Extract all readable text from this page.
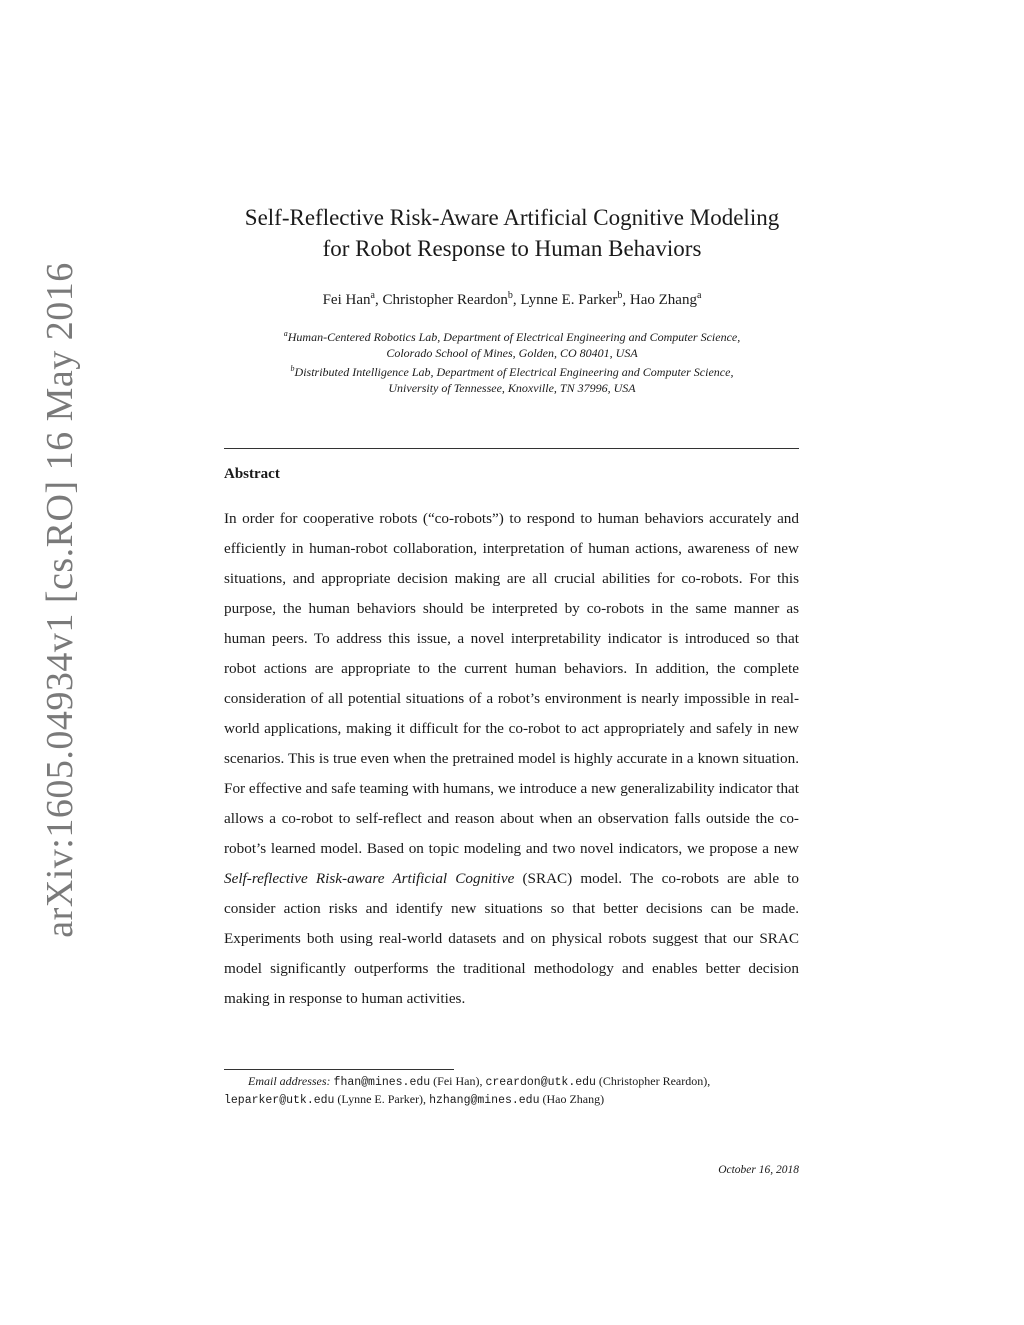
arXiv:1605.04934v1 [cs.RO] 16 May 2016
Self-Reflective Risk-Aware Artificial Cognitive Modeling
for Robot Response to Human Behaviors
Fei Han$^a$, Christopher Reardon$^b$, Lynne E. Parker$^b$, Hao Zhang$^a$
$^a$Human-Centered Robotics Lab, Department of Electrical Engineering and Computer Science,
Colorado School of Mines, Golden, CO 80401, USA
$^b$Distributed Intelligence Lab, Department of Electrical Engineering and Computer Science,
University of Tennessee, Knoxville, TN 37996, USA
Abstract
In order for cooperative robots (“co-robots”) to respond to human behaviors accurately and efficiently in human-robot collaboration, interpretation of human actions, awareness of new situations, and appropriate decision making are all crucial abilities for co-robots. For this purpose, the human behaviors should be interpreted by co-robots in the same manner as human peers. To address this issue, a novel interpretability indicator is introduced so that robot actions are appropriate to the current human behaviors. In addition, the complete consideration of all potential situations of a robot’s environment is nearly impossible in real-world applications, making it difficult for the co-robot to act appropriately and safely in new scenarios. This is true even when the pretrained model is highly accurate in a known situation. For effective and safe teaming with humans, we introduce a new generalizability indicator that allows a co-robot to self-reflect and reason about when an observation falls outside the co-robot’s learned model. Based on topic modeling and two novel indicators, we propose a new Self-reflective Risk-aware Artificial Cognitive (SRAC) model. The co-robots are able to consider action risks and identify new situations so that better decisions can be made. Experiments both using real-world datasets and on physical robots suggest that our SRAC model significantly outperforms the traditional methodology and enables better decision making in response to human activities.
Email addresses: fhan@mines.edu (Fei Han), creardon@utk.edu (Christopher Reardon),
leparker@utk.edu (Lynne E. Parker), hzhang@mines.edu (Hao Zhang)
October 16, 2018
